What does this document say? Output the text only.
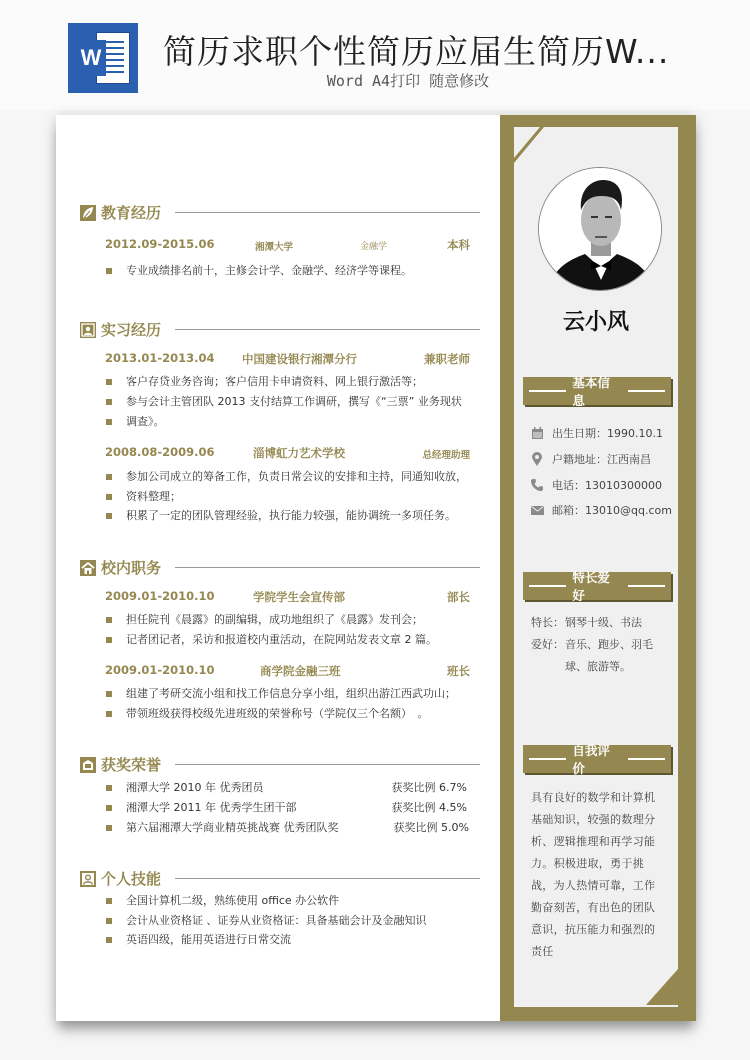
W 简历求职个性简历应届生简历W...
Word A4打印 随意修改
教育经历
2012.09-2015.06	湘潭大学	金融学	本科
专业成绩排名前十，主修会计学、金融学、经济学等课程。
实习经历
2013.01-2013.04 中国建设银行湘潭分行	兼职老师
客户存贷业务咨询；客户信用卡申请资料、网上银行激活等；
参与会计主管团队 2013 支付结算工作调研，撰写《“三票” 业务现状
调查》。
2008.08-2009.06	淄博虹力艺术学校	总经理助理
参加公司成立的筹备工作，负责日常会议的安排和主持，同通知收放，
资料整理；
积累了一定的团队管理经验，执行能力较强，能协调统一多项任务。
校内职务
2009.01-2010.10	学院学生会宣传部	部长
担任院刊《晨露》的副编辑，成功地组织了《晨露》发刊会；
记者团记者，采访和报道校内重活动，在院网站发表文章 2 篇。
2009.01-2010.10	商学院金融三班	班长
组建了考研交流小组和找工作信息分享小组，组织出游江西武功山；
带领班级获得校级先进班级的荣誉称号（学院仅三个名额）　。
获奖荣誉
湘潭大学 2010 年 优秀团员	获奖比例 6.7%
湘潭大学 2011 年 优秀学生团干部	获奖比例 4.5%
第六届湘潭大学商业精英挑战赛 优秀团队奖	获奖比例 5.0%
个人技能
全国计算机二级，熟练使用 office 办公软件
会计从业资格证 、证券从业资格证：具备基础会计及金融知识
英语四级，能用英语进行日常交流
云小风
基本信息
出生日期：1990.10.1
户籍地址：江西南昌
电话：13010300000
邮箱：13010@qq.com
特长爱好
特长：钢琴十级、书法
爱好：音乐、跑步、羽毛球、旅游等。
自我评价
具有良好的数学和计算机基础知识，较强的数理分析、逻辑推理和再学习能力。积极进取，勇于挑战，为人热情可靠，工作勤奋刻苦，有出色的团队意识，抗压能力和强烈的责任
